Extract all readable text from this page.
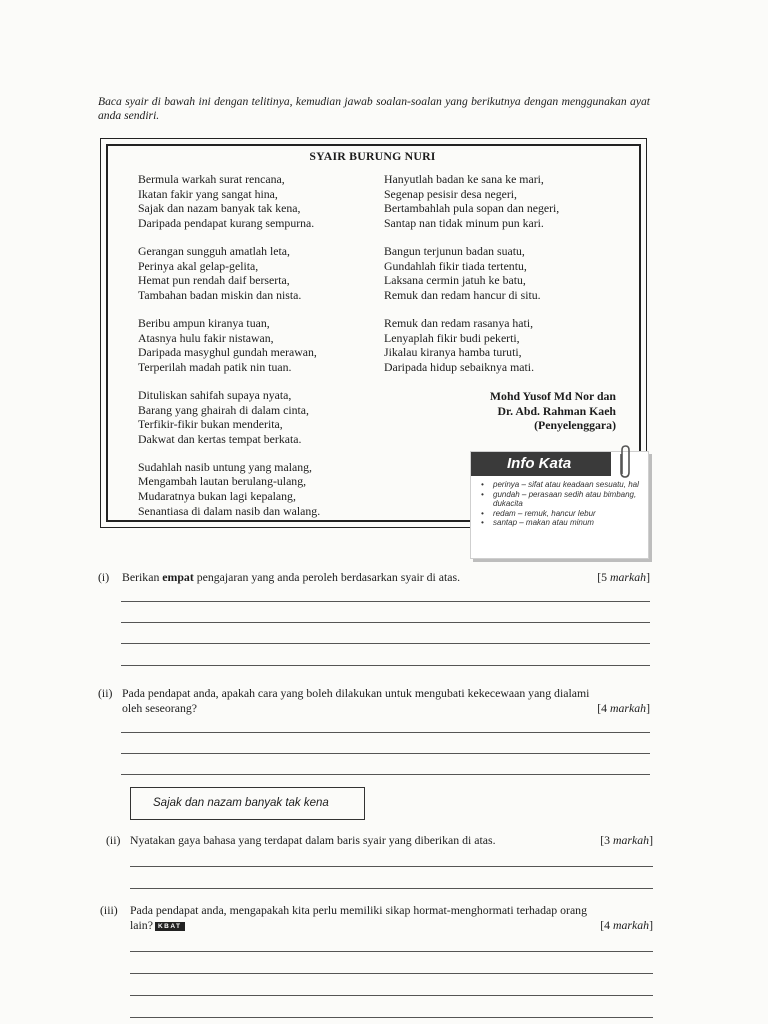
Baca syair di bawah ini dengan telitinya, kemudian jawab soalan-soalan yang berikutnya dengan menggunakan ayat anda sendiri.
SYAIR BURUNG NURI
Bermula warkah surat rencana,
Ikatan fakir yang sangat hina,
Sajak dan nazam banyak tak kena,
Daripada pendapat kurang sempurna.
Gerangan sungguh amatlah leta,
Perinya akal gelap-gelita,
Hemat pun rendah daif berserta,
Tambahan badan miskin dan nista.
Beribu ampun kiranya tuan,
Atasnya hulu fakir nistawan,
Daripada masyghul gundah merawan,
Terperilah madah patik nin tuan.
Dituliskan sahifah supaya nyata,
Barang yang ghairah di dalam cinta,
Terfikir-fikir bukan menderita,
Dakwat dan kertas tempat berkata.
Sudahlah nasib untung yang malang,
Mengambah lautan berulang-ulang,
Mudaratnya bukan lagi kepalang,
Senantiasa di dalam nasib dan walang.
Hanyutlah badan ke sana ke mari,
Segenap pesisir desa negeri,
Bertambahlah pula sopan dan negeri,
Santap nan tidak minum pun kari.
Bangun terjunun badan suatu,
Gundahlah fikir tiada tertentu,
Laksana cermin jatuh ke batu,
Remuk dan redam hancur di situ.
Remuk dan redam rasanya hati,
Lenyaplah fikir budi pekerti,
Jikalau kiranya hamba turuti,
Daripada hidup sebaiknya mati.
Mohd Yusof Md Nor dan
Dr. Abd. Rahman Kaeh
(Penyelenggara)
Info Kata
• perinya – sifat atau keadaan sesuatu, hal
• gundah – perasaan sedih atau bimbang, dukacita
• redam – remuk, hancur lebur
• santap – makan atau minum
(i) Berikan empat pengajaran yang anda peroleh berdasarkan syair di atas.	[5 markah]
(ii) Pada pendapat anda, apakah cara yang boleh dilakukan untuk mengubati kekecewaan yang dialami
oleh seseorang?	[4 markah]
Sajak dan nazam banyak tak kena
(ii) Nyatakan gaya bahasa yang terdapat dalam baris syair yang diberikan di atas.	[3 markah]
(iii) Pada pendapat anda, mengapakah kita perlu memiliki sikap hormat-menghormati terhadap orang
lain? KBAT	[4 markah]
